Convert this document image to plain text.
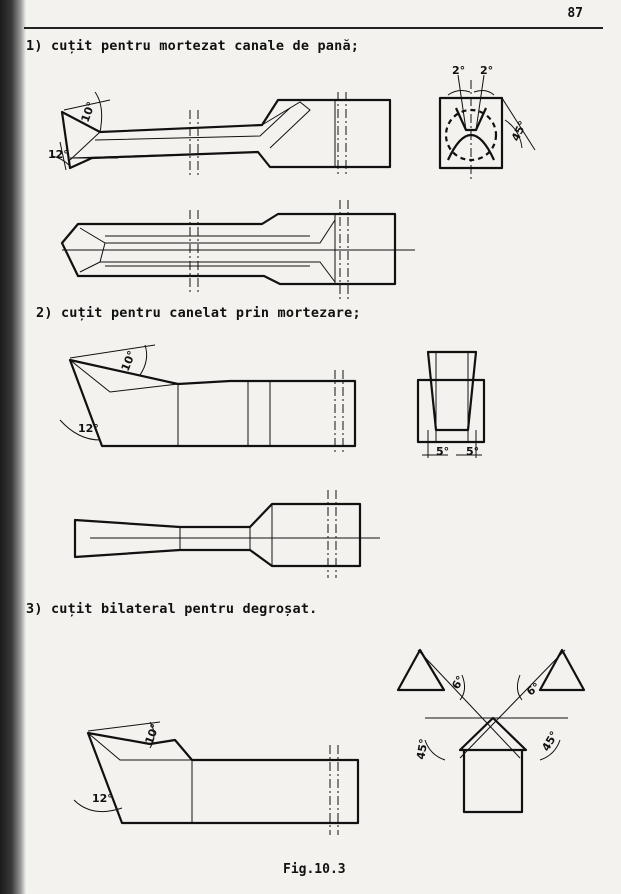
87
1) cuțit pentru mortezat canale de pană;
2) cuțit pentru canelat prin mortezare;
3) cuțit bilateral pentru degroșat.
10°
12°
2° 2°
45°
10°
12°
5° 5°
10°
12°
6°	6°
45°	45°
Fig.10.3
